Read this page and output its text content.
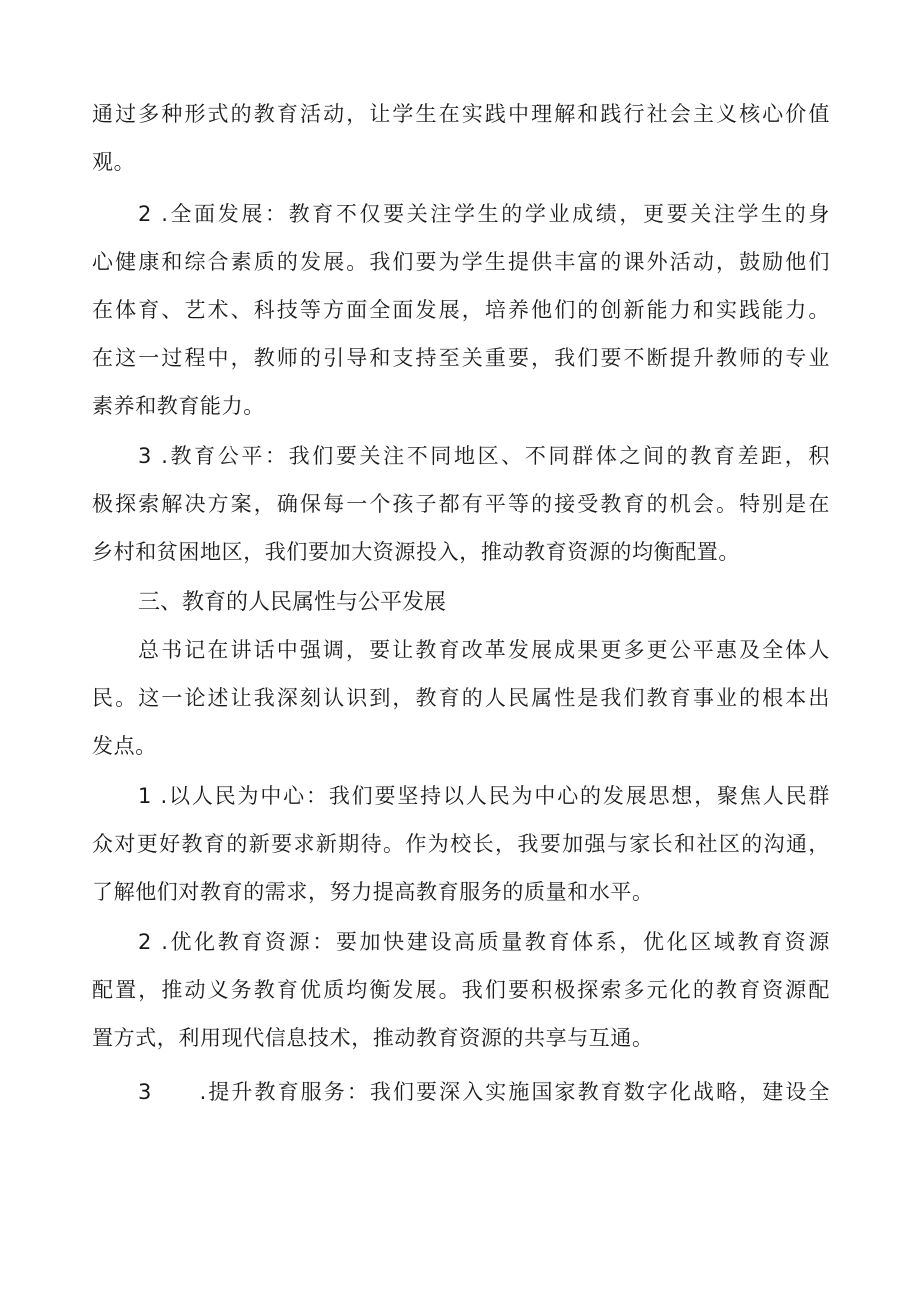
通过多种形式的教育活动，让学生在实践中理解和践行社会主义核心价值
观。
2 .全面发展：教育不仅要关注学生的学业成绩，更要关注学生的身
心健康和综合素质的发展。我们要为学生提供丰富的课外活动，鼓励他们
在体育、艺术、科技等方面全面发展，培养他们的创新能力和实践能力。
在这一过程中，教师的引导和支持至关重要，我们要不断提升教师的专业
素养和教育能力。
3 .教育公平：我们要关注不同地区、不同群体之间的教育差距，积
极探索解决方案，确保每一个孩子都有平等的接受教育的机会。特别是在
乡村和贫困地区，我们要加大资源投入，推动教育资源的均衡配置。
三、教育的人民属性与公平发展
总书记在讲话中强调，要让教育改革发展成果更多更公平惠及全体人
民。这一论述让我深刻认识到，教育的人民属性是我们教育事业的根本出
发点。
1 .以人民为中心：我们要坚持以人民为中心的发展思想，聚焦人民群
众对更好教育的新要求新期待。作为校长，我要加强与家长和社区的沟通，
了解他们对教育的需求，努力提高教育服务的质量和水平。
2 .优化教育资源：要加快建设高质量教育体系，优化区域教育资源
配置，推动义务教育优质均衡发展。我们要积极探索多元化的教育资源配
置方式，利用现代信息技术，推动教育资源的共享与互通。
3　　.提升教育服务：我们要深入实施国家教育数字化战略，建设全
